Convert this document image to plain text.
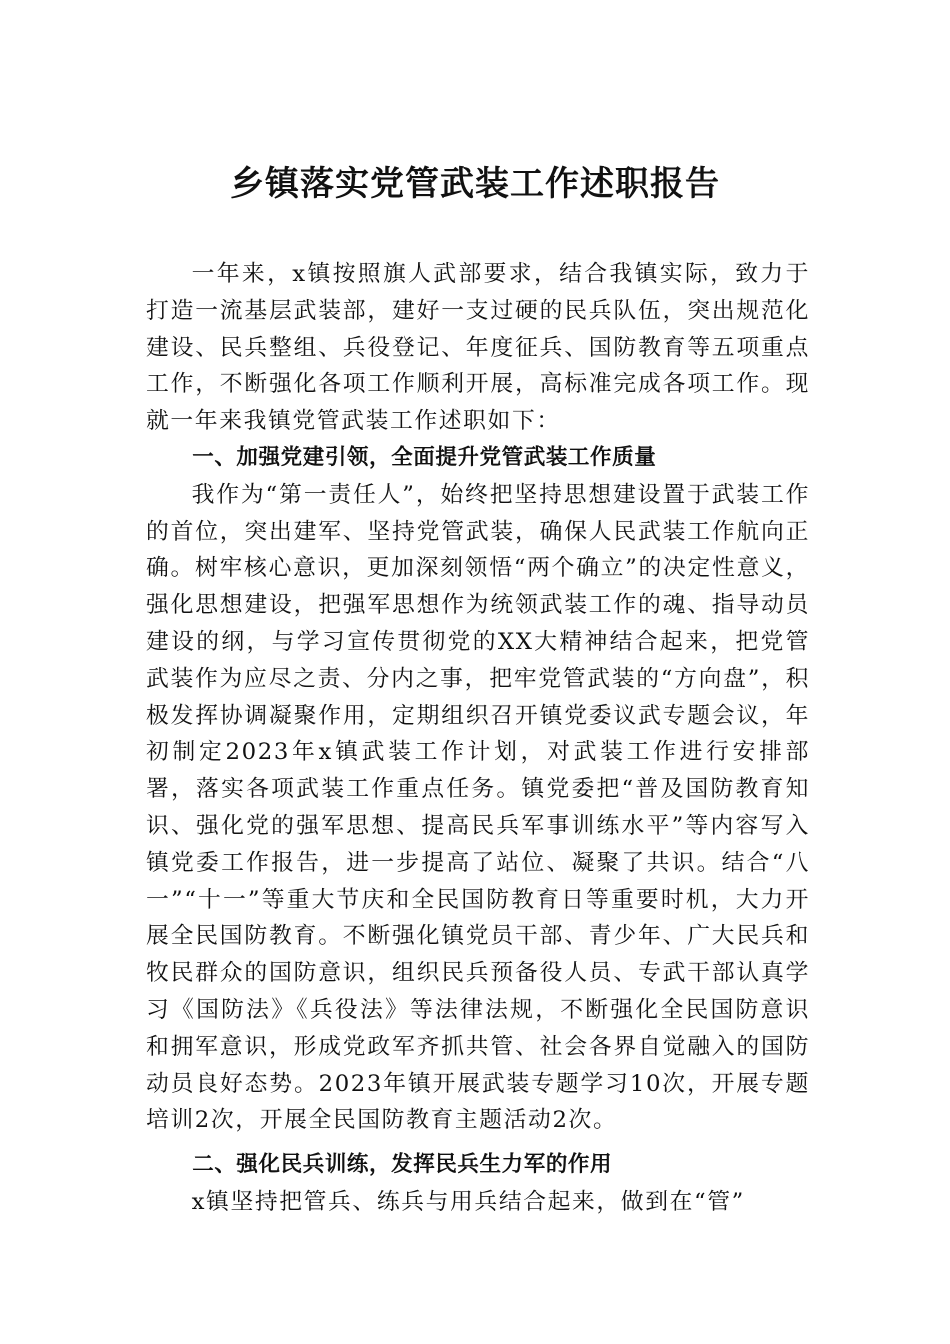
乡镇落实党管武装工作述职报告

一年来，x镇按照旗人武部要求，结合我镇实际，致力于打造一流基层武装部，建好一支过硬的民兵队伍，突出规范化建设、民兵整组、兵役登记、年度征兵、国防教育等五项重点工作，不断强化各项工作顺利开展，高标准完成各项工作。现就一年来我镇党管武装工作述职如下：

一、加强党建引领，全面提升党管武装工作质量

我作为“第一责任人”，始终把坚持思想建设置于武装工作的首位，突出建军、坚持党管武装，确保人民武装工作航向正确。树牢核心意识，更加深刻领悟“两个确立”的决定性意义，强化思想建设，把强军思想作为统领武装工作的魂、指导动员建设的纲，与学习宣传贯彻党的XX大精神结合起来，把党管武装作为应尽之责、分内之事，把牢党管武装的“方向盘”，积极发挥协调凝聚作用，定期组织召开镇党委议武专题会议，年初制定2023年x镇武装工作计划，对武装工作进行安排部署，落实各项武装工作重点任务。镇党委把“普及国防教育知识、强化党的强军思想、提高民兵军事训练水平”等内容写入镇党委工作报告，进一步提高了站位、凝聚了共识。结合“八一”“十一”等重大节庆和全民国防教育日等重要时机，大力开展全民国防教育。不断强化镇党员干部、青少年、广大民兵和牧民群众的国防意识，组织民兵预备役人员、专武干部认真学习《国防法》《兵役法》等法律法规，不断强化全民国防意识和拥军意识，形成党政军齐抓共管、社会各界自觉融入的国防动员良好态势。2023年镇开展武装专题学习10次，开展专题培训2次，开展全民国防教育主题活动2次。

二、强化民兵训练，发挥民兵生力军的作用

x镇坚持把管兵、练兵与用兵结合起来，做到在“管”
